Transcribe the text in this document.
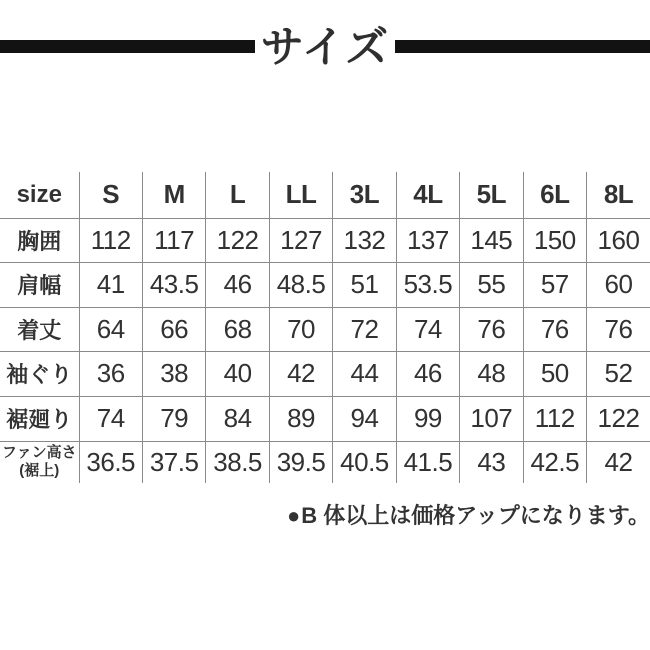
サイズ
size	S	M	L	LL	3L	4L	5L	6L	8L
胸囲	112	117	122	127	132	137	145	150	160
肩幅	41	43.5	46	48.5	51	53.5	55	57	60
着丈	64	66	68	70	72	74	76	76	76
袖ぐり	36	38	40	42	44	46	48	50	52
裾廻り	74	79	84	89	94	99	107	112	122

ファン高さ
(裾上)	36.5	37.5	38.5	39.5	40.5	41.5	43	42.5	42
●B 体以上は価格アップになります。
